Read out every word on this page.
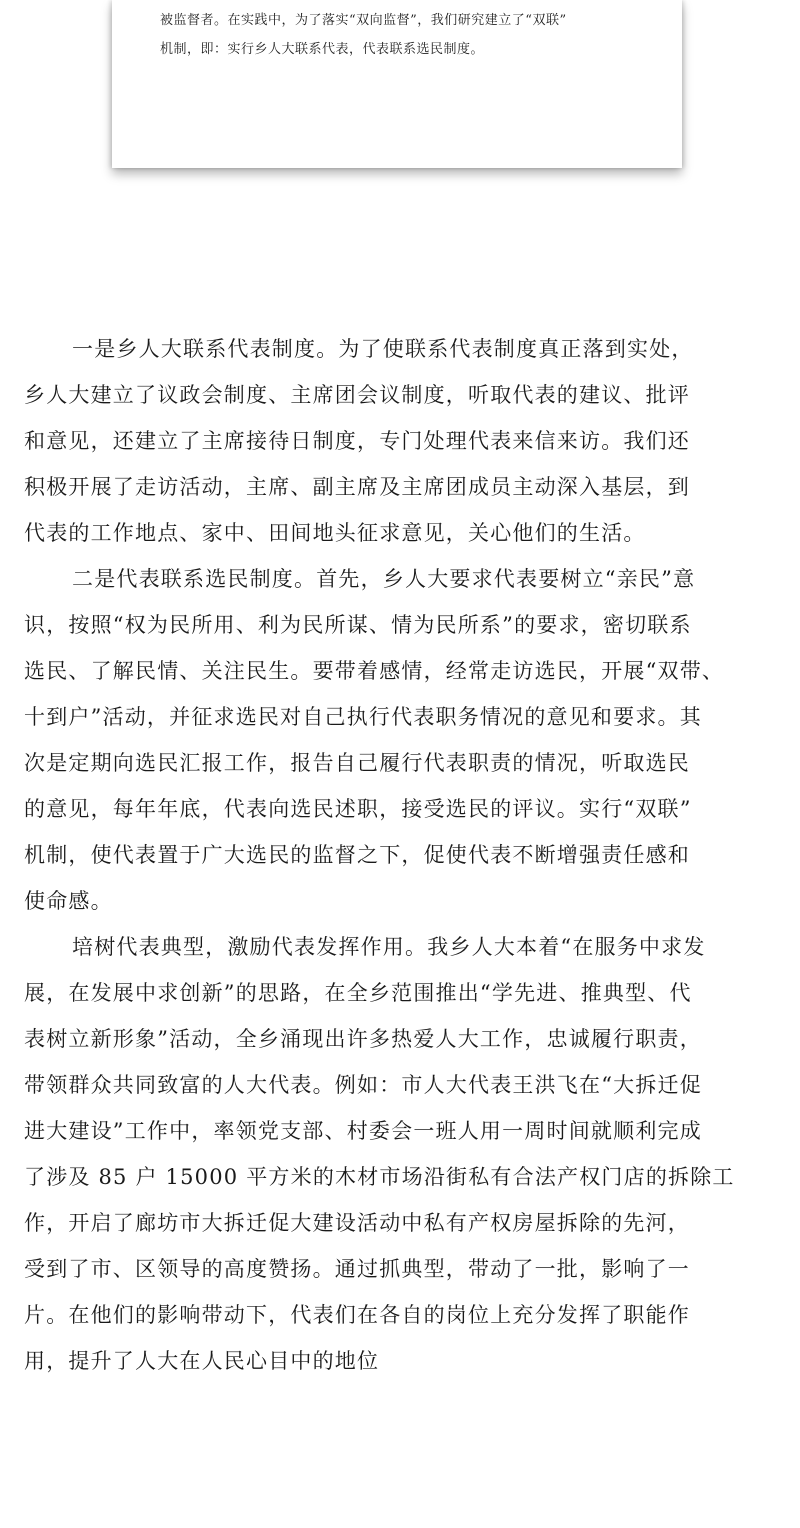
被监督者。在实践中，为了落实“双向监督”，我们研究建立了“双联”
机制，即：实行乡人大联系代表，代表联系选民制度。
一是乡人大联系代表制度。为了使联系代表制度真正落到实处，
乡人大建立了议政会制度、主席团会议制度，听取代表的建议、批评
和意见，还建立了主席接待日制度，专门处理代表来信来访。我们还
积极开展了走访活动，主席、副主席及主席团成员主动深入基层，到
代表的工作地点、家中、田间地头征求意见，关心他们的生活。
二是代表联系选民制度。首先，乡人大要求代表要树立“亲民”意
识，按照“权为民所用、利为民所谋、情为民所系”的要求，密切联系
选民、了解民情、关注民生。要带着感情，经常走访选民，开展“双带、
十到户”活动，并征求选民对自己执行代表职务情况的意见和要求。其
次是定期向选民汇报工作，报告自己履行代表职责的情况，听取选民
的意见，每年年底，代表向选民述职，接受选民的评议。实行“双联”
机制，使代表置于广大选民的监督之下，促使代表不断增强责任感和
使命感。
培树代表典型，激励代表发挥作用。我乡人大本着“在服务中求发
展，在发展中求创新”的思路，在全乡范围推出“学先进、推典型、代
表树立新形象”活动，全乡涌现出许多热爱人大工作，忠诚履行职责，
带领群众共同致富的人大代表。例如：市人大代表王洪飞在“大拆迁促
进大建设”工作中，率领党支部、村委会一班人用一周时间就顺利完成
了涉及 85 户 15000 平方米的木材市场沿街私有合法产权门店的拆除工
作，开启了廊坊市大拆迁促大建设活动中私有产权房屋拆除的先河，
受到了市、区领导的高度赞扬。通过抓典型，带动了一批，影响了一
片。在他们的影响带动下，代表们在各自的岗位上充分发挥了职能作
用，提升了人大在人民心目中的地位
